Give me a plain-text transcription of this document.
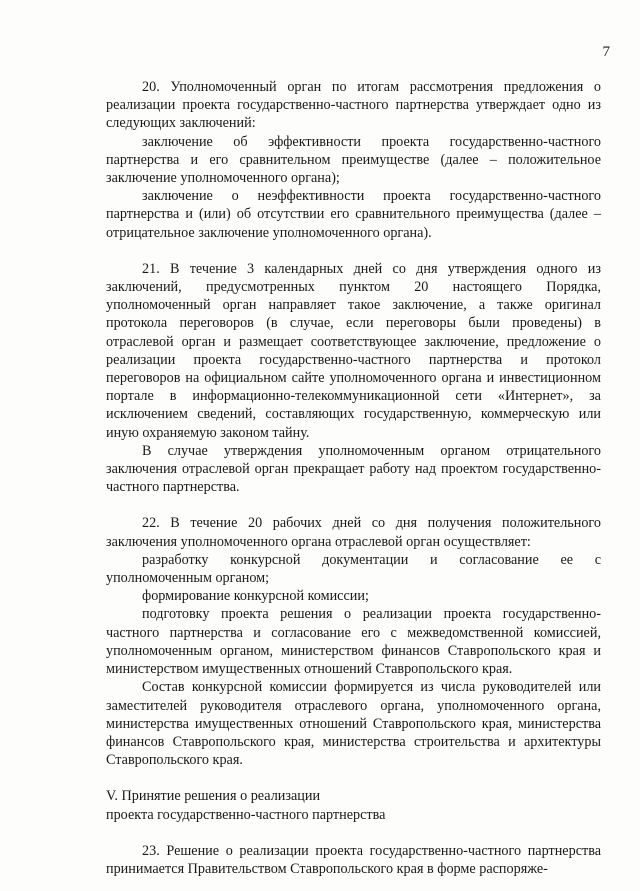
7

20. Уполномоченный орган по итогам рассмотрения предложения о реализации проекта государственно-частного партнерства утверждает одно из следующих заключений:

заключение об эффективности проекта государственно-частного партнерства и его сравнительном преимуществе (далее – положительное заключение уполномоченного органа);

заключение о неэффективности проекта государственно-частного партнерства и (или) об отсутствии его сравнительного преимущества (далее – отрицательное заключение уполномоченного органа).

21. В течение 3 календарных дней со дня утверждения одного из заключений, предусмотренных пунктом 20 настоящего Порядка, уполномоченный орган направляет такое заключение, а также оригинал протокола переговоров (в случае, если переговоры были проведены) в отраслевой орган и размещает соответствующее заключение, предложение о реализации проекта государственно-частного партнерства и протокол переговоров на официальном сайте уполномоченного органа и инвестиционном портале в информационно-телекоммуникационной сети «Интернет», за исключением сведений, составляющих государственную, коммерческую или иную охраняемую законом тайну.

В случае утверждения уполномоченным органом отрицательного заключения отраслевой орган прекращает работу над проектом государственно-частного партнерства.

22. В течение 20 рабочих дней со дня получения положительного заключения уполномоченного органа отраслевой орган осуществляет:

разработку конкурсной документации и согласование ее с уполномоченным органом;

формирование конкурсной комиссии;

подготовку проекта решения о реализации проекта государственно-частного партнерства и согласование его с межведомственной комиссией, уполномоченным органом, министерством финансов Ставропольского края и министерством имущественных отношений Ставропольского края.

Состав конкурсной комиссии формируется из числа руководителей или заместителей руководителя отраслевого органа, уполномоченного органа, министерства имущественных отношений Ставропольского края, министерства финансов Ставропольского края, министерства строительства и архитектуры Ставропольского края.

V. Принятие решения о реализации

проекта государственно-частного партнерства

23. Решение о реализации проекта государственно-частного партнерства принимается Правительством Ставропольского края в форме распоряже-
